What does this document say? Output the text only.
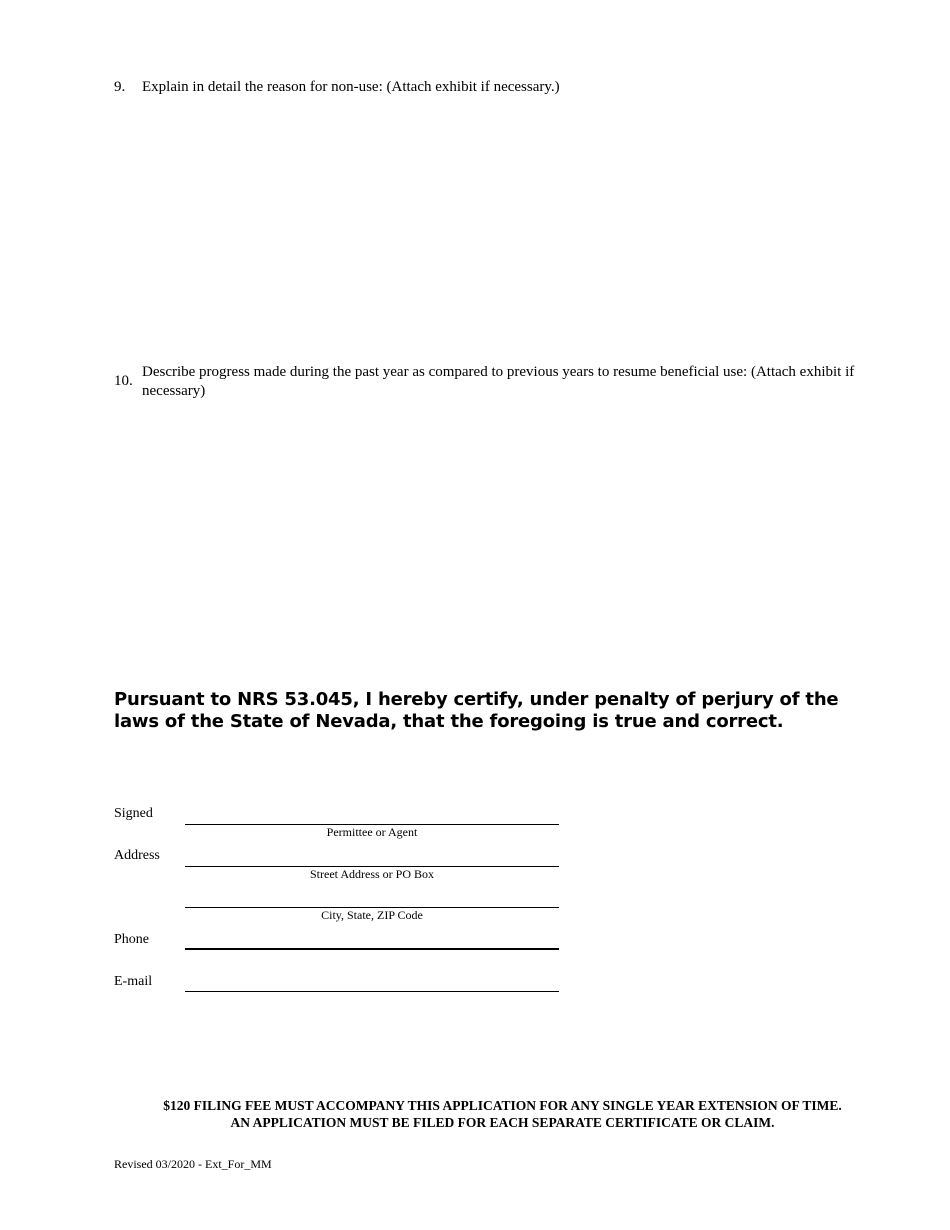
9. Explain in detail the reason for non-use: (Attach exhibit if necessary.)
10.
Describe progress made during the past year as compared to previous years to resume beneficial use: (Attach exhibit if necessary)
Pursuant to NRS 53.045, I hereby certify, under penalty of perjury of the laws of the State of Nevada, that the foregoing is true and correct.
Signed
Permittee or Agent
Address
Street Address or PO Box
City, State, ZIP Code
Phone
E-mail
$120 FILING FEE MUST ACCOMPANY THIS APPLICATION FOR ANY SINGLE YEAR EXTENSION OF TIME.
AN APPLICATION MUST BE FILED FOR EACH SEPARATE CERTIFICATE OR CLAIM.
Revised 03/2020 - Ext_For_MM
